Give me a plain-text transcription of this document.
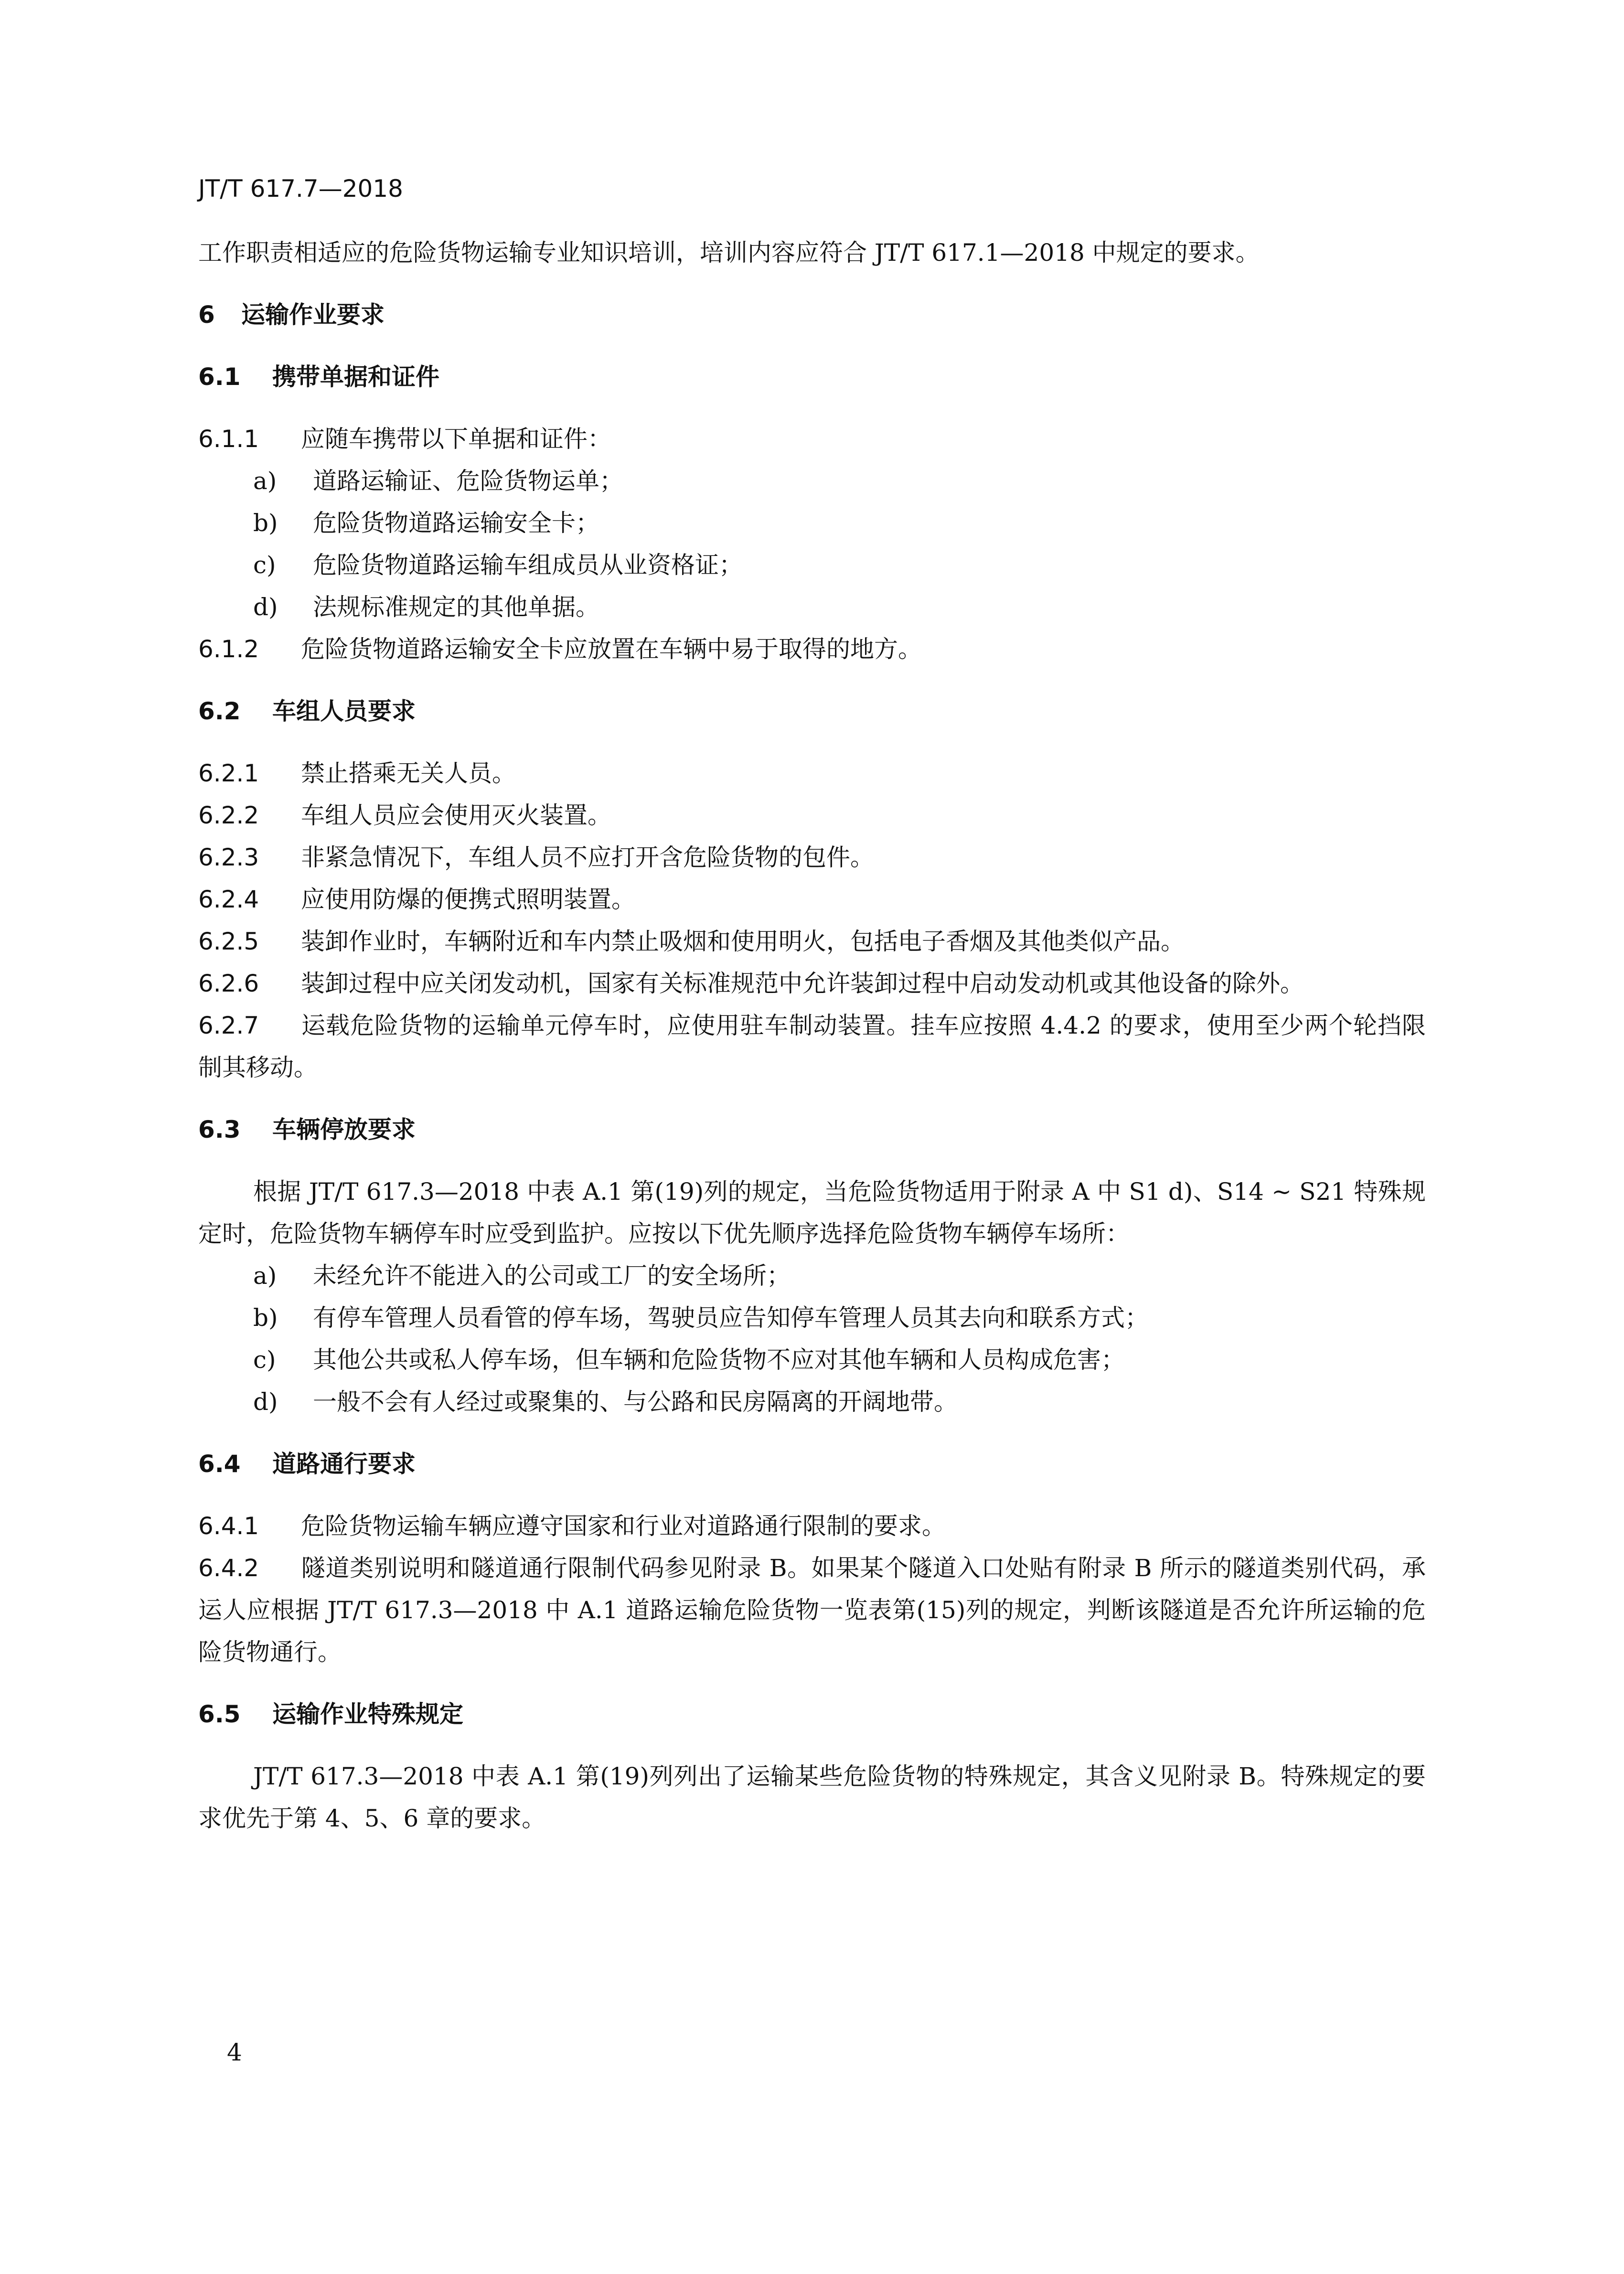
JT/T 617.7—2018

工作职责相适应的危险货物运输专业知识培训，培训内容应符合 JT/T 617.1—2018 中规定的要求。

6 运输作业要求
6.1 携带单据和证件

6.1.1 应随车携带以下单据和证件：

a) 道路运输证、危险货物运单；
b) 危险货物道路运输安全卡；
c) 危险货物道路运输车组成员从业资格证；
d) 法规标准规定的其他单据。

6.1.2 危险货物道路运输安全卡应放置在车辆中易于取得的地方。

6.2 车组人员要求

6.2.1 禁止搭乘无关人员。

6.2.2 车组人员应会使用灭火装置。

6.2.3 非紧急情况下，车组人员不应打开含危险货物的包件。

6.2.4 应使用防爆的便携式照明装置。

6.2.5 装卸作业时，车辆附近和车内禁止吸烟和使用明火，包括电子香烟及其他类似产品。

6.2.6 装卸过程中应关闭发动机，国家有关标准规范中允许装卸过程中启动发动机或其他设备的除外。

6.2.7 运载危险货物的运输单元停车时，应使用驻车制动装置。挂车应按照 4.4.2 的要求，使用至少两个轮挡限制其移动。

6.3 车辆停放要求

根据 JT/T 617.3—2018 中表 A.1 第(19)列的规定，当危险货物适用于附录 A 中 S1 d)、S14 ~ S21 特殊规定时，危险货物车辆停车时应受到监护。应按以下优先顺序选择危险货物车辆停车场所：

a) 未经允许不能进入的公司或工厂的安全场所；
b) 有停车管理人员看管的停车场，驾驶员应告知停车管理人员其去向和联系方式；
c) 其他公共或私人停车场，但车辆和危险货物不应对其他车辆和人员构成危害；
d) 一般不会有人经过或聚集的、与公路和民房隔离的开阔地带。
6.4 道路通行要求

6.4.1 危险货物运输车辆应遵守国家和行业对道路通行限制的要求。

6.4.2 隧道类别说明和隧道通行限制代码参见附录 B。如果某个隧道入口处贴有附录 B 所示的隧道类别代码，承运人应根据 JT/T 617.3—2018 中 A.1 道路运输危险货物一览表第(15)列的规定，判断该隧道是否允许所运输的危险货物通行。

6.5 运输作业特殊规定

JT/T 617.3—2018 中表 A.1 第(19)列列出了运输某些危险货物的特殊规定，其含义见附录 B。特殊规定的要求优先于第 4、5、6 章的要求。

4
